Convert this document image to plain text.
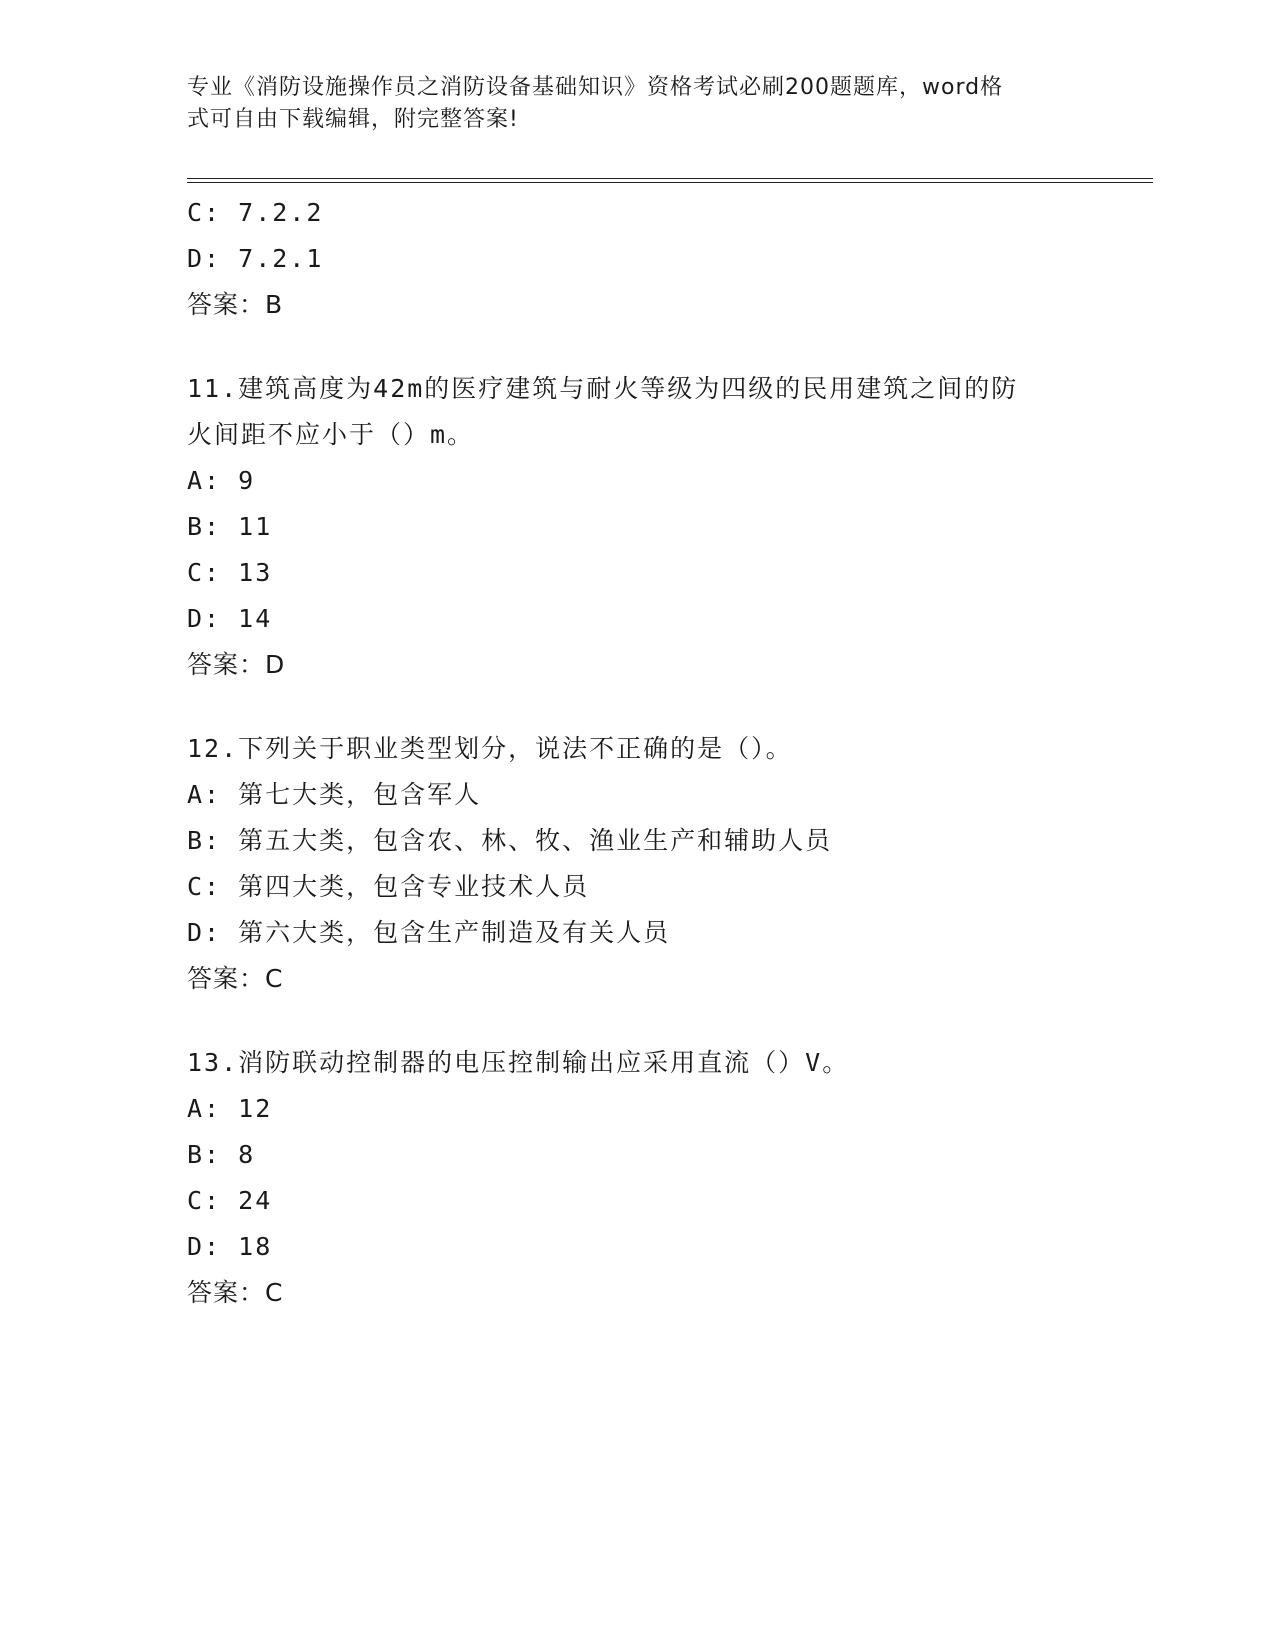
专业《消防设施操作员之消防设备基础知识》资格考试必刷200题题库，word格
式可自由下载编辑，附完整答案!
C: 7.2.2
D: 7.2.1
答案：B
11.建筑高度为42m的医疗建筑与耐火等级为四级的民用建筑之间的防
火间距不应小于（）m。
A: 9
B: 11
C: 13
D: 14
答案：D
12.下列关于职业类型划分，说法不正确的是（）。
A: 第七大类，包含军人
B: 第五大类，包含农、林、牧、渔业生产和辅助人员
C: 第四大类，包含专业技术人员
D: 第六大类，包含生产制造及有关人员
答案：C
13.消防联动控制器的电压控制输出应采用直流（）V。
A: 12
B: 8
C: 24
D: 18
答案：C
